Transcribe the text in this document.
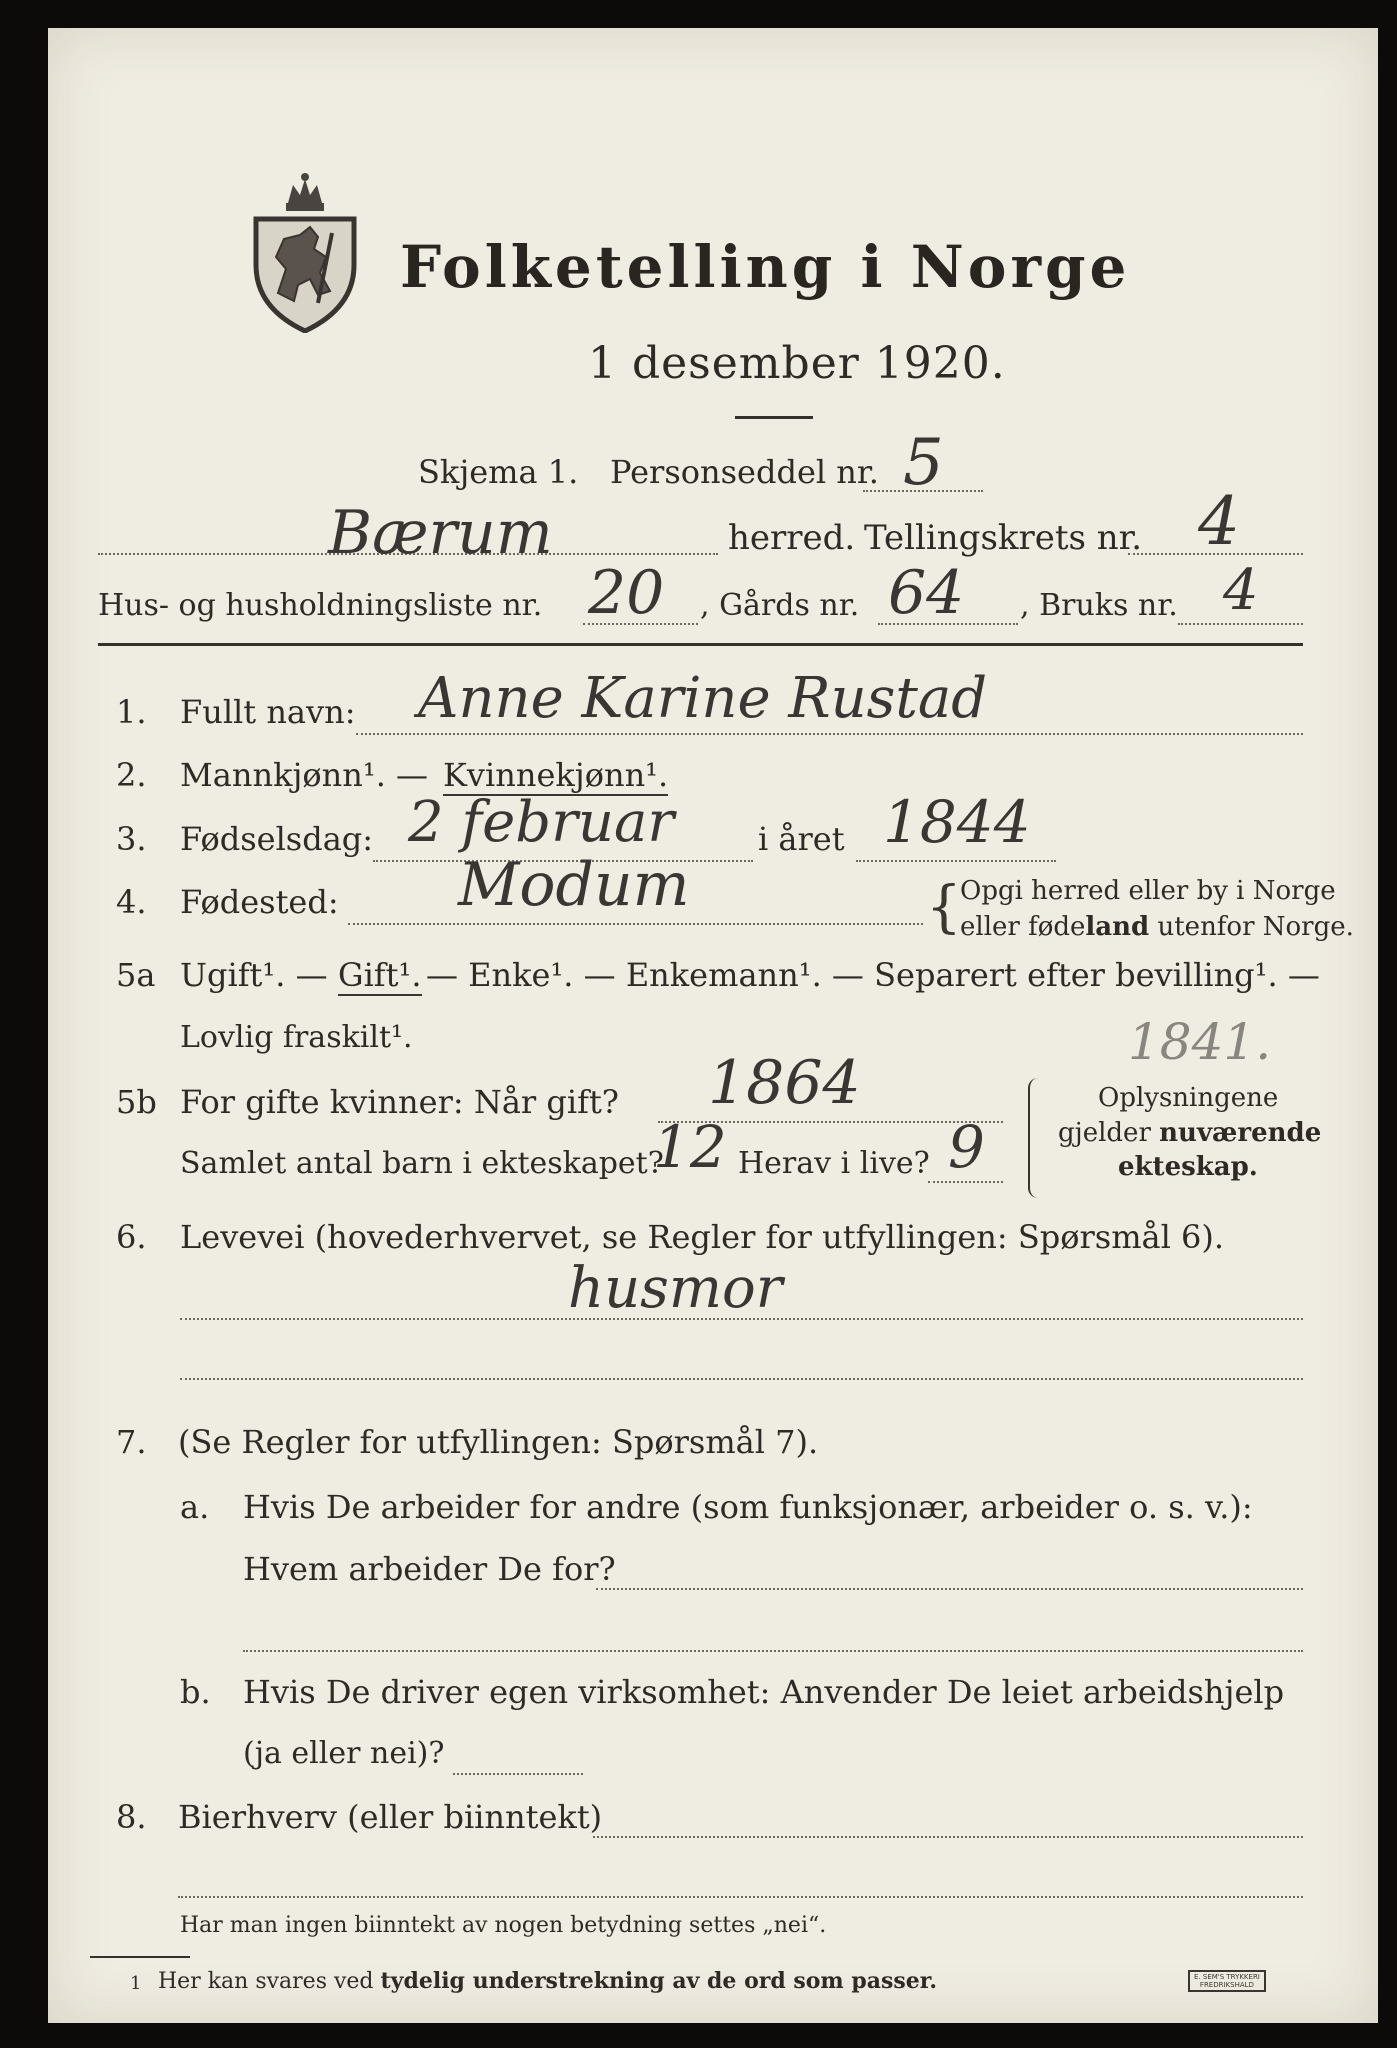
Folketelling i Norge
1 desember 1920.
Skjema 1. Personseddel nr. 5
Bærum	herred. Tellingskrets nr. 4
Hus- og husholdningsliste nr. 20 , Gårds nr. 64 , Bruks nr. 4
1. Fullt navn: Anne Karine Rustad
2. Mannkjønn¹. — Kvinnekjønn¹.
3. Fødselsdag: 2 februar	i året 1844
4. Fødested: Modum	{
Opgi herred eller by i Norge
eller fødeland utenfor Norge.
5a Ugift¹. — Gift¹. — Enke¹. — Enkemann¹. — Separert efter bevilling¹. —
Lovlig fraskilt¹.
5b For gifte kvinner: Når gift? 1864
1841.
Samlet antal barn i ekteskapet?
12 Herav i live? 9
Oplysningene
gjelder nuværende
ekteskap.
6. Levevei (hovederhvervet, se Regler for utfyllingen: Spørsmål 6).
husmor
7. (Se Regler for utfyllingen: Spørsmål 7).
a. Hvis De arbeider for andre (som funksjonær, arbeider o. s. v.):
Hvem arbeider De for?
b. Hvis De driver egen virksomhet: Anvender De leiet arbeidshjelp
(ja eller nei)?
8. Bierhverv (eller biinntekt)
Har man ingen biinntekt av nogen betydning settes „nei“.
1 Her kan svares ved tydelig understrekning av de ord som passer.	E. SEM'S TRYKKERI
FREDRIKSHALD
